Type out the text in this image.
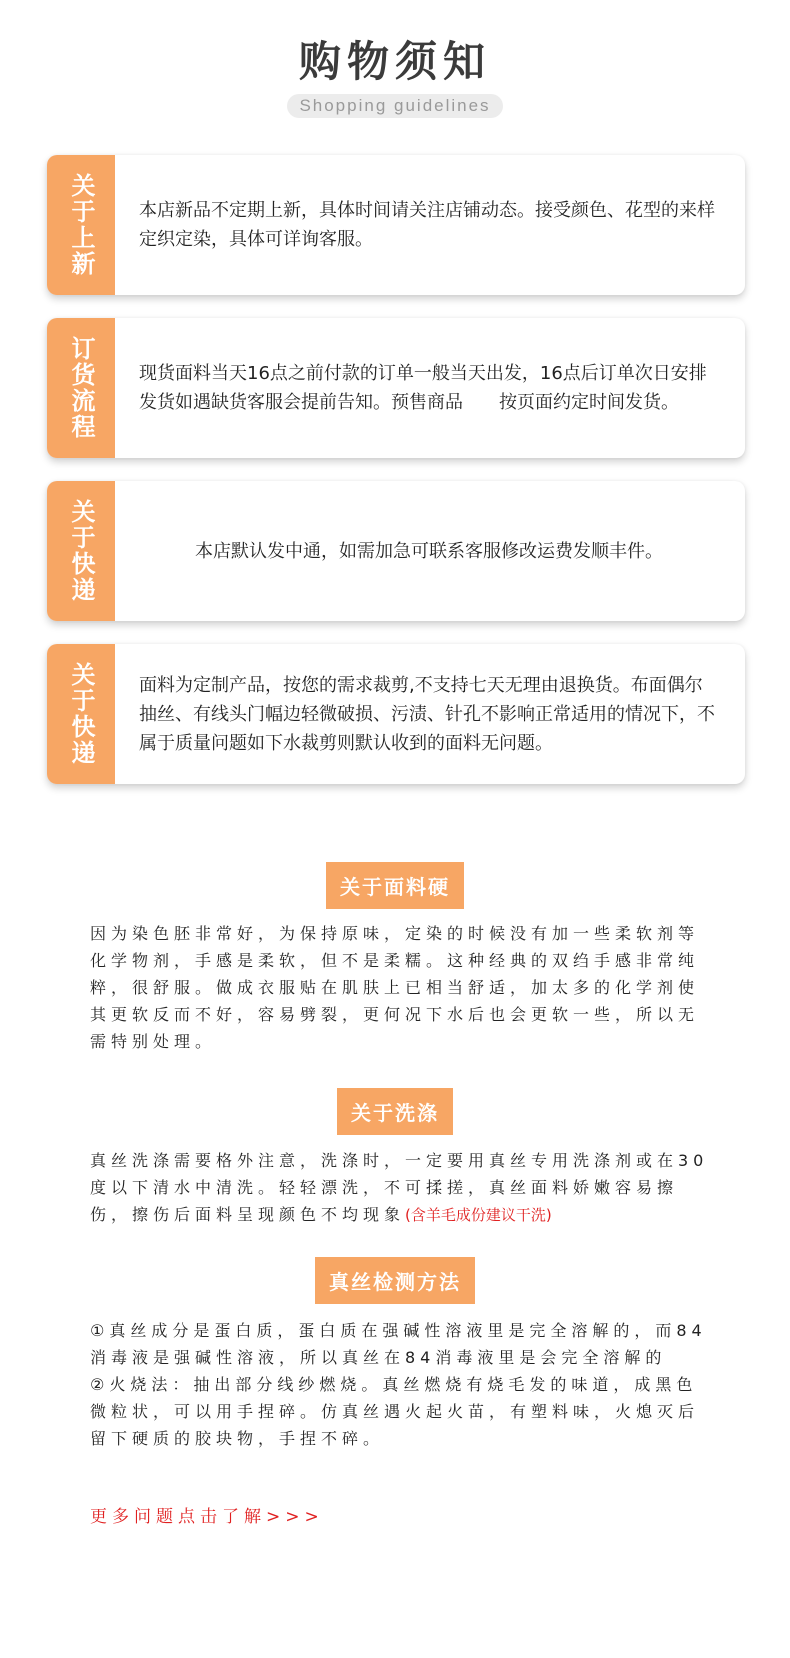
购物须知
Shopping guidelines
关于上新	本店新品不定期上新，具体时间请关注店铺动态。接受颜色、花型的来样定织定染，具体可详询客服。
订货流程	现货面料当天16点之前付款的订单一般当天出发，16点后订单次日安排发货如遇缺货客服会提前告知。预售商品　　按页面约定时间发货。
关于快递	本店默认发中通，如需加急可联系客服修改运费发顺丰件。
关于快递	面料为定制产品，按您的需求裁剪,不支持七天无理由退换货。布面偶尔抽丝、有线头门幅边轻微破损、污渍、针孔不影响正常适用的情况下，不属于质量问题如下水裁剪则默认收到的面料无问题。
关于面料硬
因为染色胚非常好，为保持原味，定染的时候没有加一些柔软剂等化学物剂，手感是柔软，但不是柔糯。这种经典的双绉手感非常纯粹，很舒服。做成衣服贴在肌肤上已相当舒适，加太多的化学剂使其更软反而不好，容易劈裂，更何况下水后也会更软一些，所以无需特别处理。
关于洗涤
真丝洗涤需要格外注意，洗涤时，一定要用真丝专用洗涤剂或在30度以下清水中清洗。轻轻漂洗，不可揉搓，真丝面料娇嫩容易擦伤，擦伤后面料呈现颜色不均现象(含羊毛成份建议干洗)
真丝检测方法
①真丝成分是蛋白质，蛋白质在强碱性溶液里是完全溶解的，而84消毒液是强碱性溶液，所以真丝在84消毒液里是会完全溶解的
②火烧法：抽出部分线纱燃烧。真丝燃烧有烧毛发的味道，成黑色微粒状，可以用手捏碎。仿真丝遇火起火苗，有塑料味，火熄灭后留下硬质的胶块物，手捏不碎。
更多问题点击了解>>>
